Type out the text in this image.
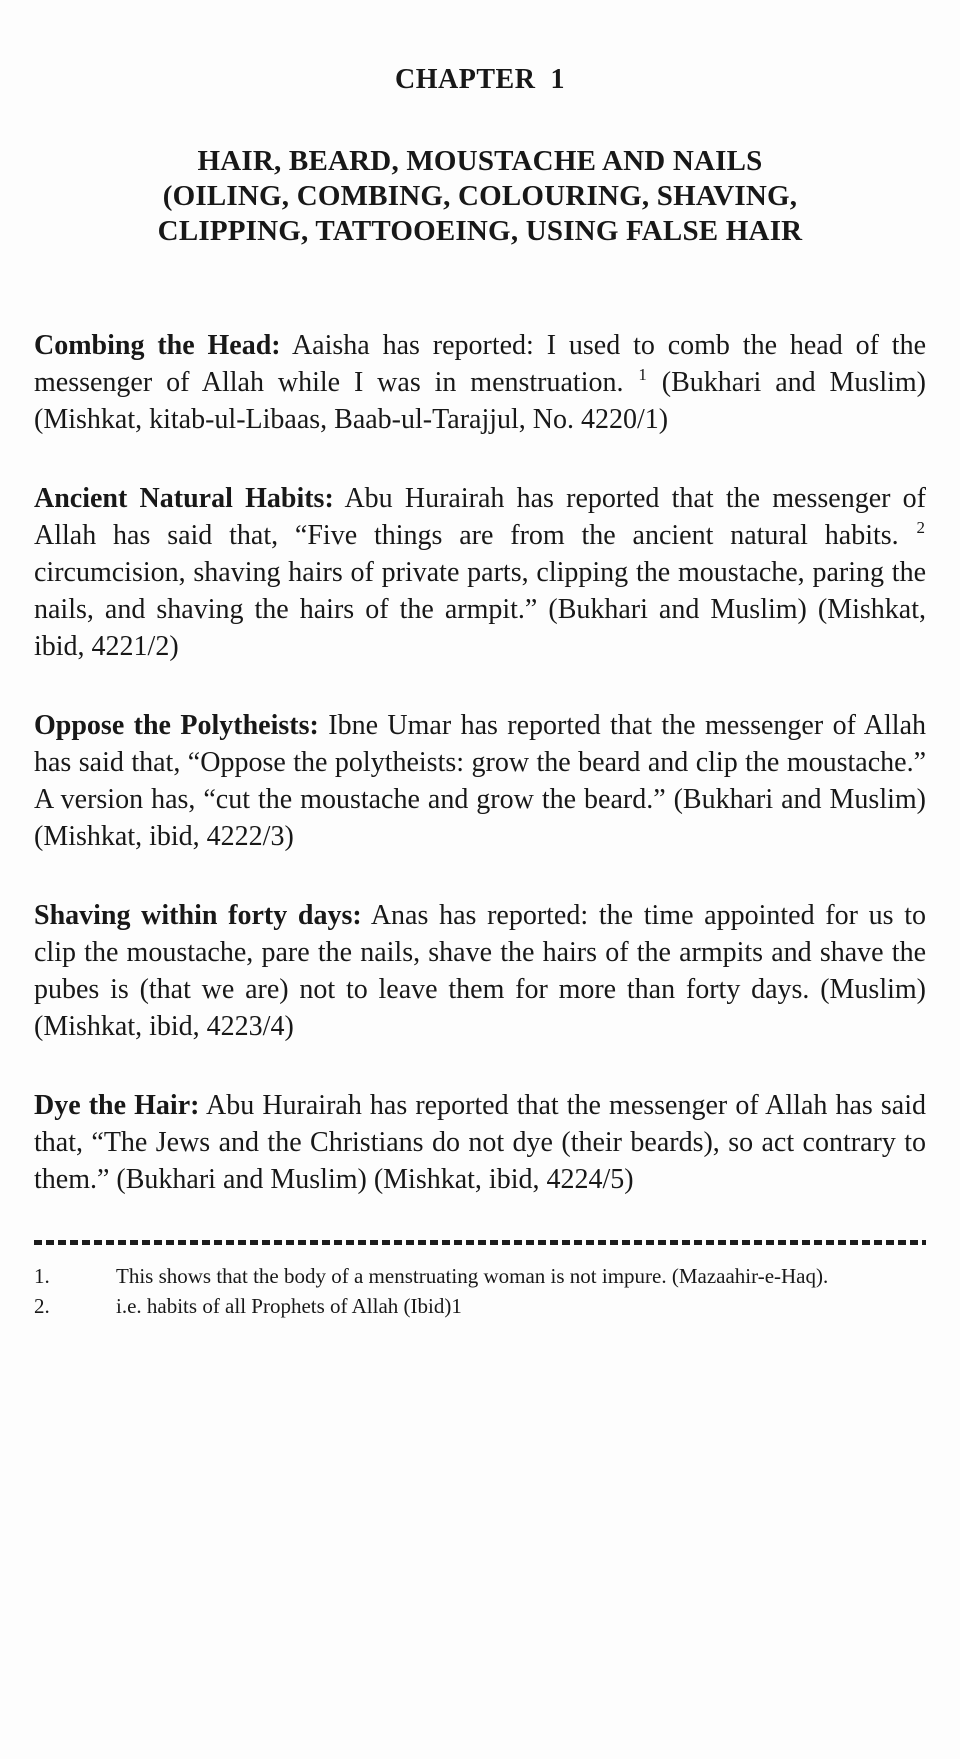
CHAPTER  1
HAIR, BEARD, MOUSTACHE AND NAILS
(OILING, COMBING, COLOURING, SHAVING,
CLIPPING, TATTOOEING, USING FALSE HAIR

Combing the Head: Aaisha has reported: I used to comb the head of the messenger of Allah while I was in menstruation. $^1$ (Bukhari and Muslim) (Mishkat, kitab-ul-Libaas, Baab-ul-Tarajjul, No. 4220/1)

Ancient Natural Habits: Abu Hurairah has reported that the messenger of Allah has said that, “Five things are from the ancient natural habits. $^2$ circumcision, shaving hairs of private parts, clipping the moustache, paring the nails, and shaving the hairs of the armpit.” (Bukhari and Muslim) (Mishkat, ibid, 4221/2)

Oppose the Polytheists: Ibne Umar has reported that the messenger of Allah has said that, “Oppose the polytheists: grow the beard and clip the moustache.” A version has, “cut the moustache and grow the beard.” (Bukhari and Muslim) (Mishkat, ibid, 4222/3)

Shaving within forty days: Anas has reported: the time appointed for us to clip the moustache, pare the nails, shave the hairs of the armpits and shave the pubes is (that we are) not to leave them for more than forty days. (Muslim) (Mishkat, ibid, 4223/4)

Dye the Hair: Abu Hurairah has reported that the messenger of Allah has said that, “The Jews and the Christians do not dye (their beards), so act contrary to them.” (Bukhari and Muslim) (Mishkat, ibid, 4224/5)

1.	This shows that the body of a menstruating woman is not impure. (Mazaahir-e-Haq).
2.	i.e. habits of all Prophets of Allah (Ibid)1
